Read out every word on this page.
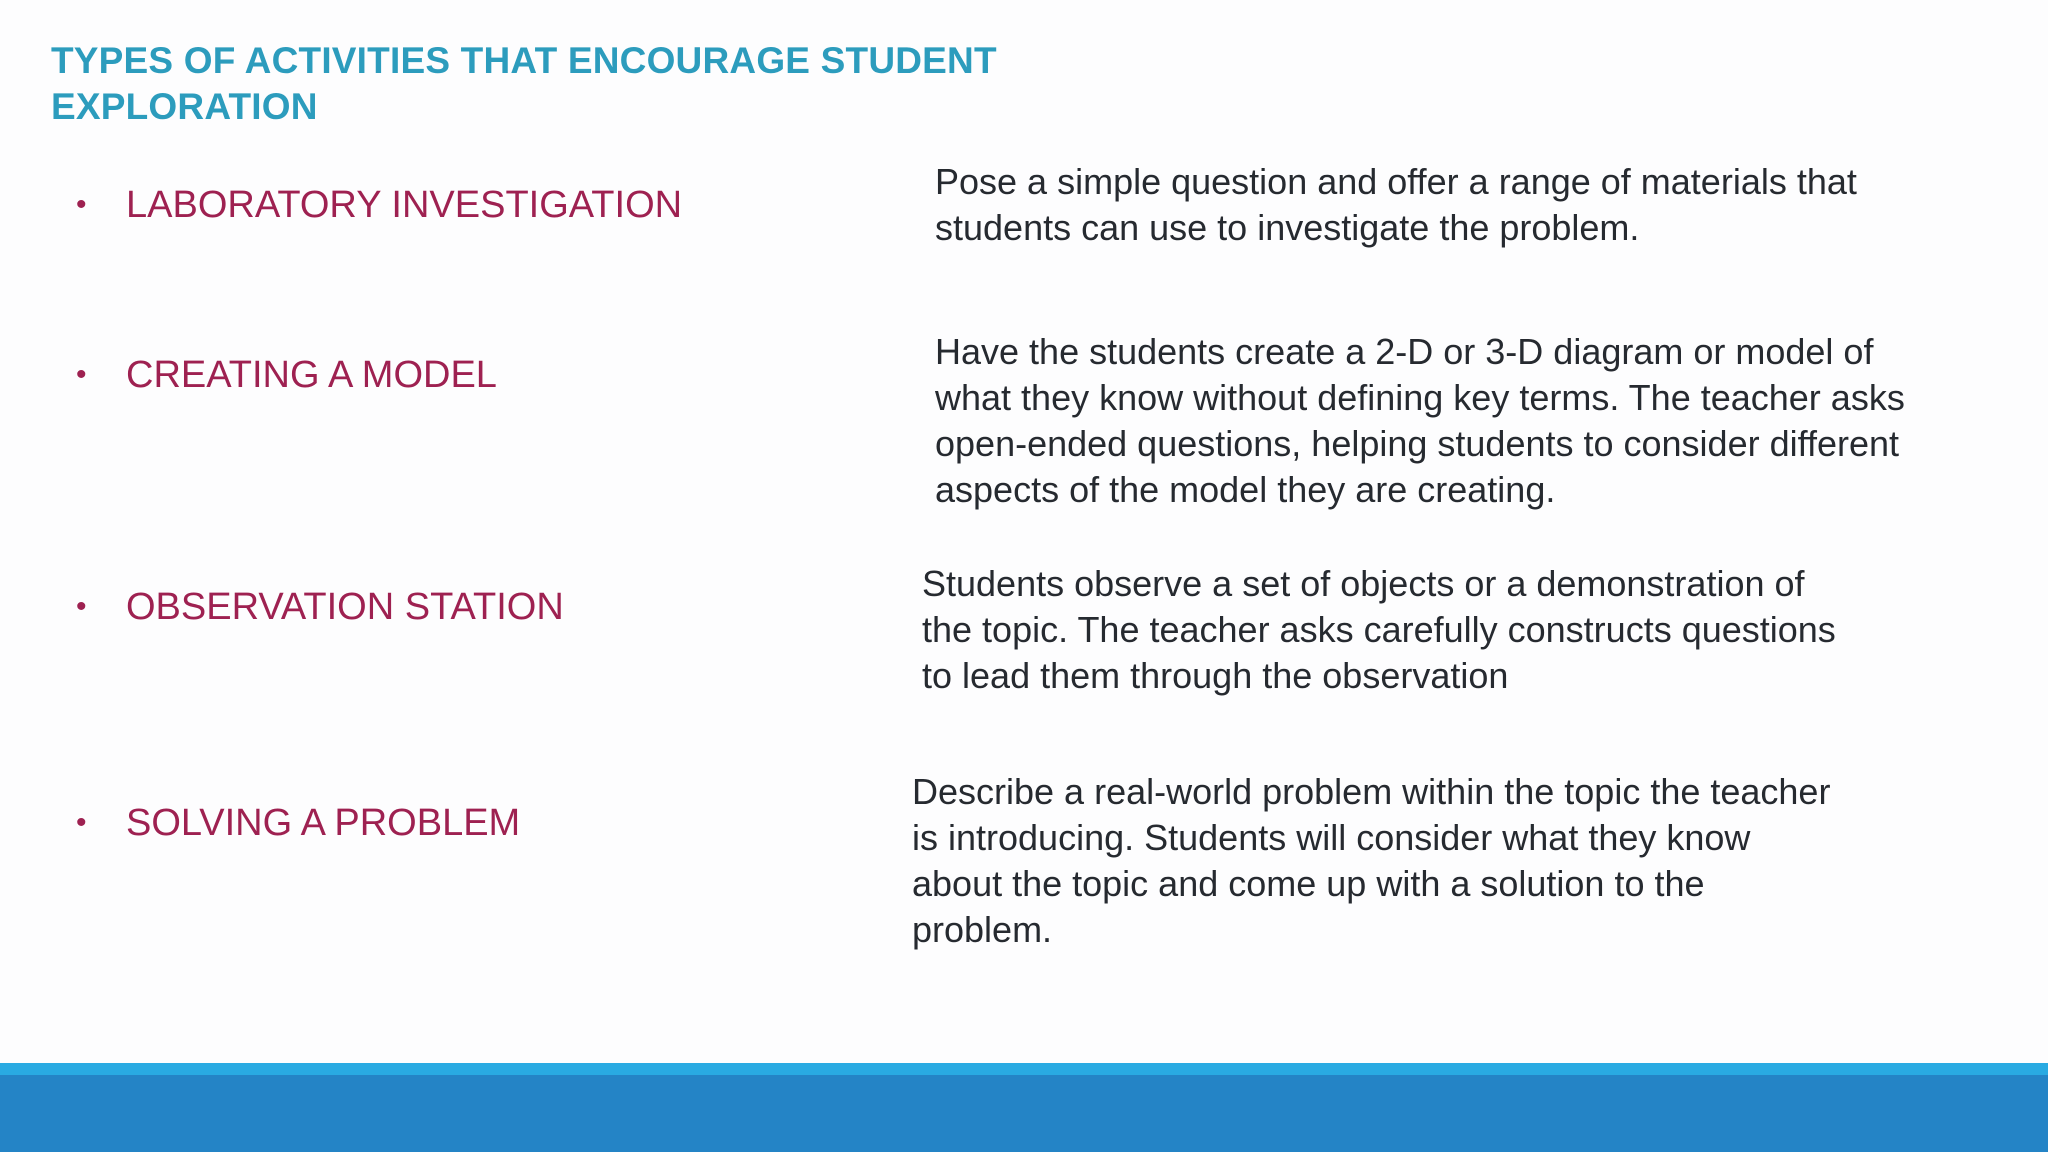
TYPES OF ACTIVITIES THAT ENCOURAGE STUDENT
EXPLORATION
• LABORATORY INVESTIGATION
Pose a simple question and offer a range of materials that
students can use to investigate the problem.
• CREATING A MODEL
Have the students create a 2-D or 3-D diagram or model of
what they know without defining key terms. The teacher asks
open-ended questions, helping students to consider different
aspects of the model they are creating.
• OBSERVATION STATION
Students observe a set of objects or a demonstration of
the topic. The teacher asks carefully constructs questions
to lead them through the observation
• SOLVING A PROBLEM
Describe a real-world problem within the topic the teacher
is introducing. Students will consider what they know
about the topic and come up with a solution to the
problem.
